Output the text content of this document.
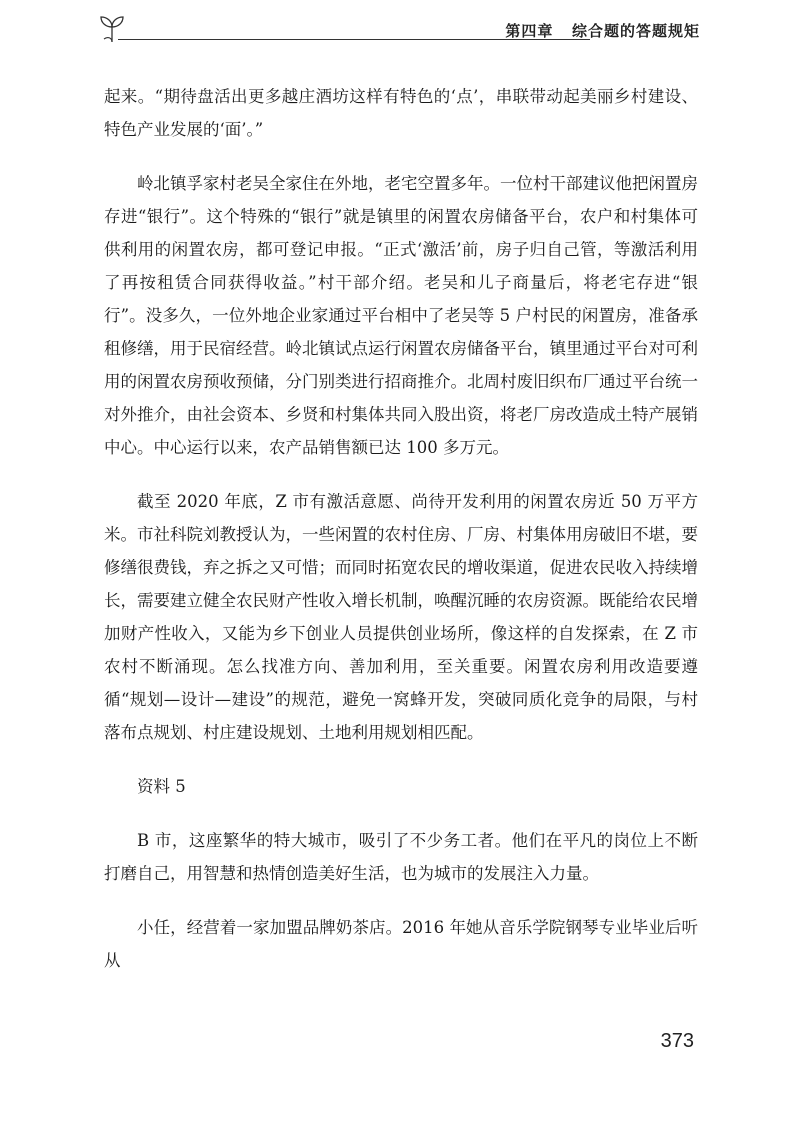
第四章   综合题的答题规矩

起来。“期待盘活出更多越庄酒坊这样有特色的‘点’，串联带动起美丽乡村建设、特色产业发展的‘面’。”

岭北镇孚家村老吴全家住在外地，老宅空置多年。一位村干部建议他把闲置房存进“银行”。这个特殊的“银行”就是镇里的闲置农房储备平台，农户和村集体可供利用的闲置农房，都可登记申报。“正式‘激活’前，房子归自己管，等激活利用了再按租赁合同获得收益。”村干部介绍。老吴和儿子商量后，将老宅存进“银行”。没多久，一位外地企业家通过平台相中了老吴等 5 户村民的闲置房，准备承租修缮，用于民宿经营。岭北镇试点运行闲置农房储备平台，镇里通过平台对可利用的闲置农房预收预储，分门别类进行招商推介。北周村废旧织布厂通过平台统一对外推介，由社会资本、乡贤和村集体共同入股出资，将老厂房改造成土特产展销中心。中心运行以来，农产品销售额已达 100 多万元。

截至 2020 年底，Z 市有激活意愿、尚待开发利用的闲置农房近 50 万平方米。市社科院刘教授认为，一些闲置的农村住房、厂房、村集体用房破旧不堪，要修缮很费钱，弃之拆之又可惜；而同时拓宽农民的增收渠道，促进农民收入持续增长，需要建立健全农民财产性收入增长机制，唤醒沉睡的农房资源。既能给农民增加财产性收入，又能为乡下创业人员提供创业场所，像这样的自发探索，在 Z 市农村不断涌现。怎么找准方向、善加利用，至关重要。闲置农房利用改造要遵循“规划—设计—建设”的规范，避免一窝蜂开发，突破同质化竞争的局限，与村落布点规划、村庄建设规划、土地利用规划相匹配。

资料 5

B 市，这座繁华的特大城市，吸引了不少务工者。他们在平凡的岗位上不断打磨自己，用智慧和热情创造美好生活，也为城市的发展注入力量。

小任，经营着一家加盟品牌奶茶店。2016 年她从音乐学院钢琴专业毕业后听从

373
